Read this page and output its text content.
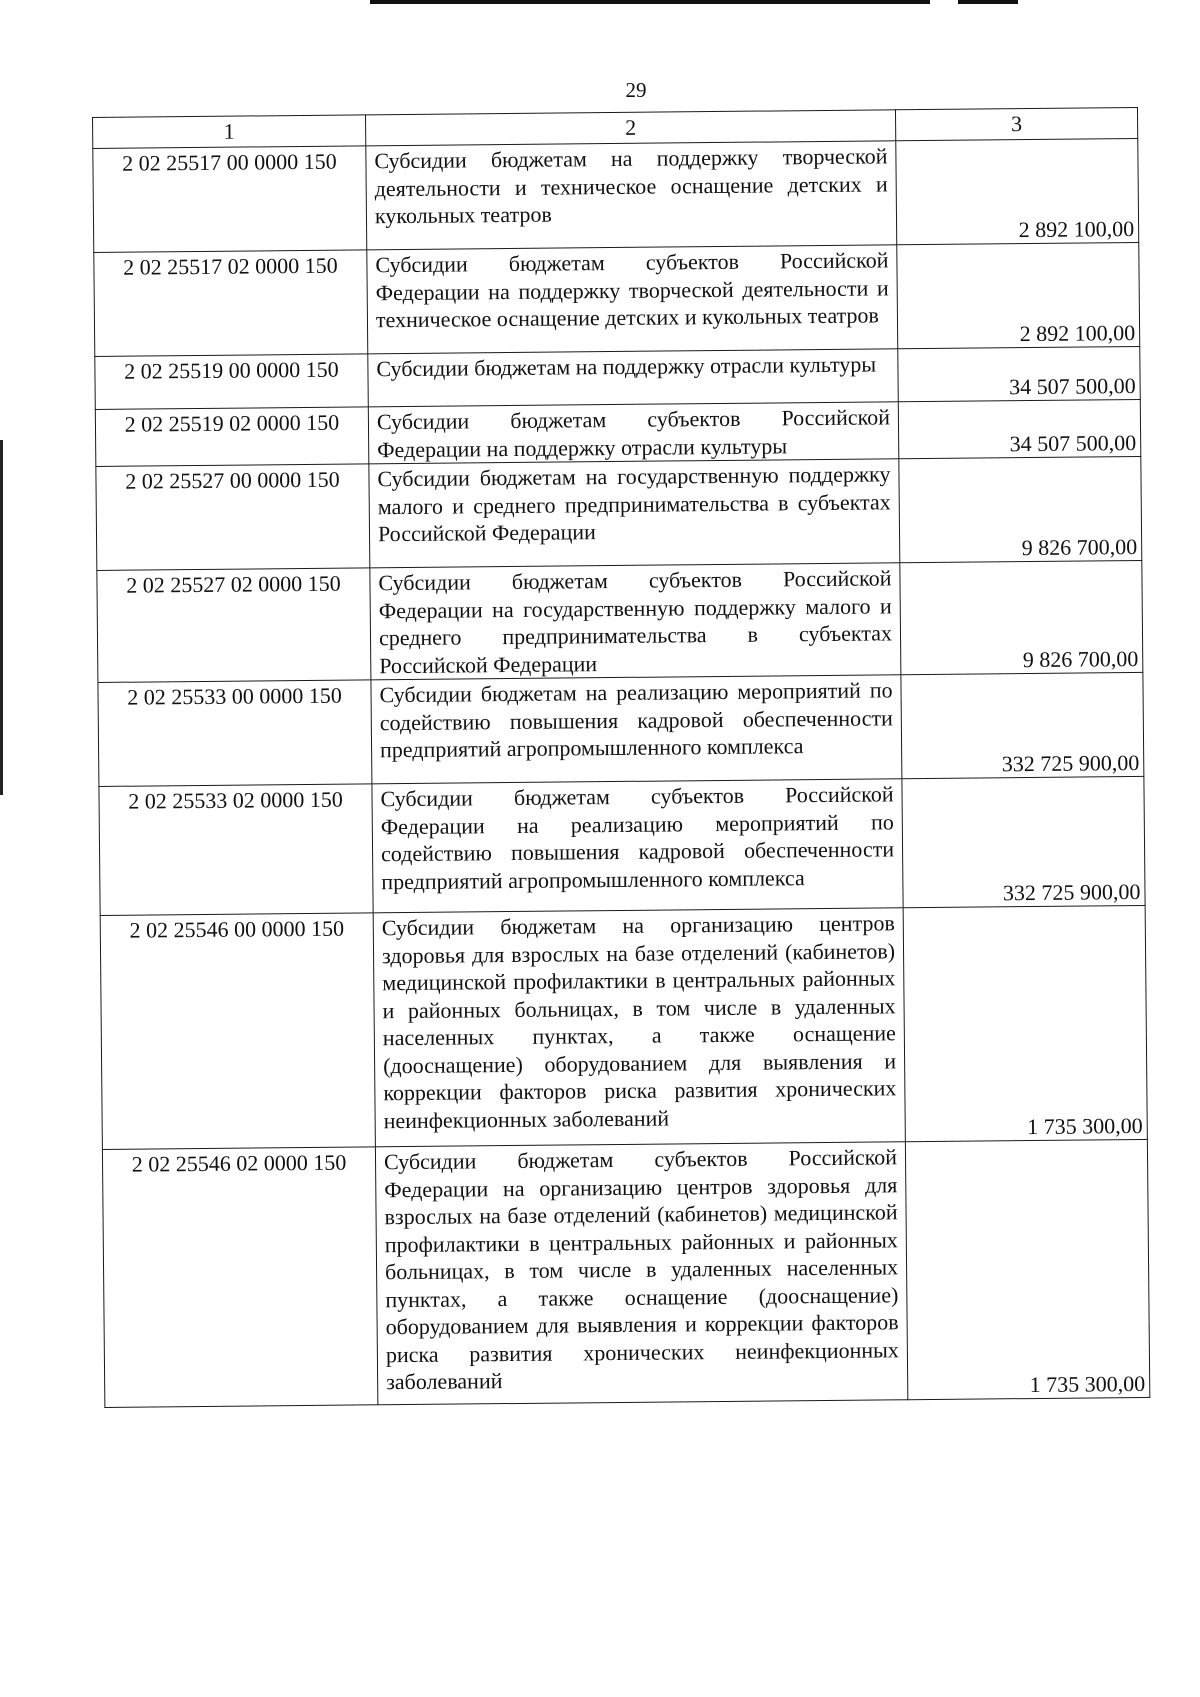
29
1	2	3
2 02 25517 00 0000 150	Субсидии бюджетам на поддержку творческой деятельности и техническое оснащение детских и кукольных театров	2 892 100,00
2 02 25517 02 0000 150	Субсидии бюджетам субъектов Российской Федерации на поддержку творческой деятельности и техническое оснащение детских и кукольных театров	2 892 100,00
2 02 25519 00 0000 150	Субсидии бюджетам на поддержку отрасли культуры	34 507 500,00
2 02 25519 02 0000 150	Субсидии бюджетам субъектов Российской Федерации на поддержку отрасли культуры	34 507 500,00
2 02 25527 00 0000 150	Субсидии бюджетам на государственную поддержку малого и среднего предпринимательства в субъектах Российской Федерации	9 826 700,00
2 02 25527 02 0000 150	Субсидии бюджетам субъектов Российской Федерации на государственную поддержку малого и среднего предпринимательства в субъектах Российской Федерации	9 826 700,00
2 02 25533 00 0000 150	Субсидии бюджетам на реализацию мероприятий по содействию повышения кадровой обеспеченности предприятий агропромышленного комплекса	332 725 900,00
2 02 25533 02 0000 150	Субсидии бюджетам субъектов Российской Федерации на реализацию мероприятий по содействию повышения кадровой обеспеченности предприятий агропромышленного комплекса	332 725 900,00
2 02 25546 00 0000 150	Субсидии бюджетам на организацию центров здоровья для взрослых на базе отделений (кабинетов) медицинской профилактики в центральных районных и районных больницах, в том числе в удаленных населенных пунктах, а также оснащение (дооснащение) оборудованием для выявления и коррекции факторов риска развития хронических неинфекционных заболеваний	1 735 300,00
2 02 25546 02 0000 150	Субсидии бюджетам субъектов Российской Федерации на организацию центров здоровья для взрослых на базе отделений (кабинетов) медицинской профилактики в центральных районных и районных больницах, в том числе в удаленных населенных пунктах, а также оснащение (дооснащение) оборудованием для выявления и коррекции факторов риска развития хронических неинфекционных заболеваний	1 735 300,00
